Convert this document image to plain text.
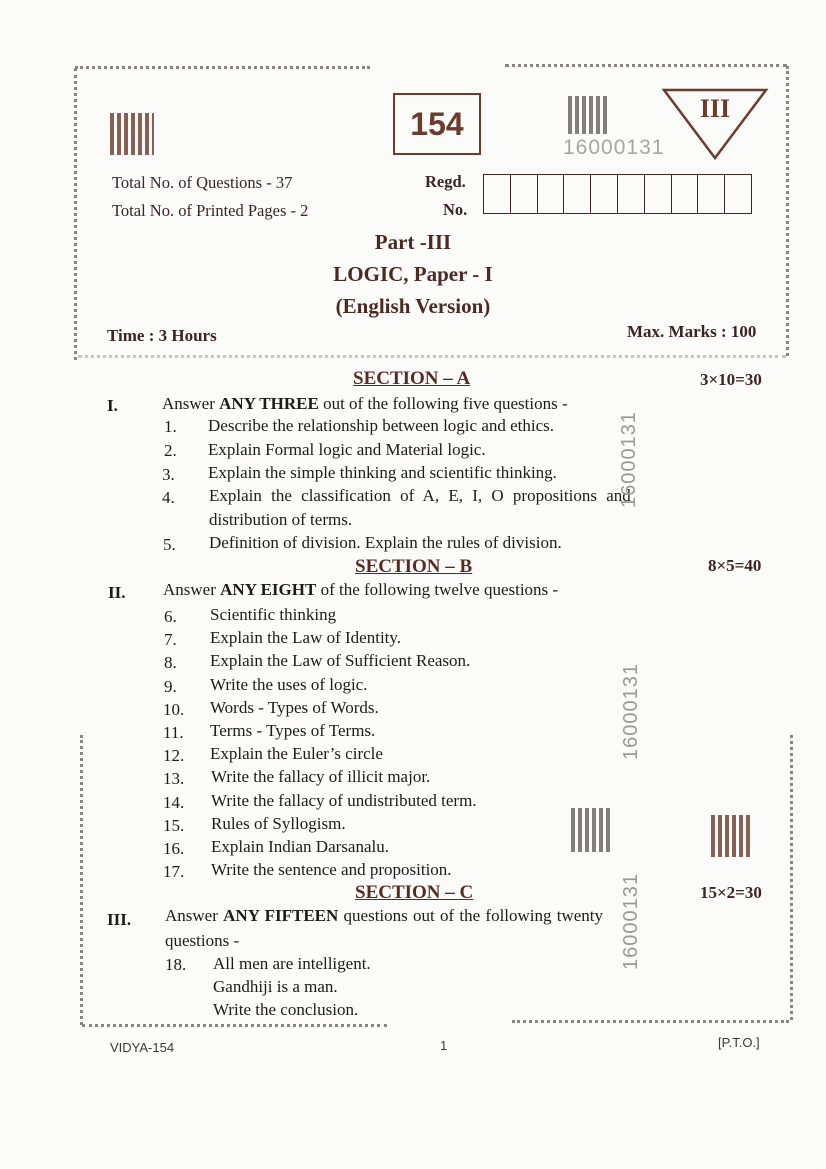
154
16000131
III
Total No. of Questions - 37
Total No. of Printed Pages - 2
Regd.
No.
Part -III
LOGIC, Paper - I
(English Version)
Time : 3 Hours	Max. Marks : 100
SECTION – A	3×10=30
I.	Answer ANY THREE out of the following five questions -
1. Describe the relationship between logic and ethics.
2. Explain Formal logic and Material logic.
3. Explain the simple thinking and scientific thinking.
4. Explain the classification of A, E, I, O propositions and
distribution of terms.
5. Definition of division. Explain the rules of division.
SECTION – B	8×5=40
II. Answer ANY EIGHT of the following twelve questions -
6. Scientific thinking
7. Explain the Law of Identity.
8. Explain the Law of Sufficient Reason.
9. Write the uses of logic.
10. Words - Types of Words.
11. Terms - Types of Terms.
12. Explain the Euler’s circle
13. Write the fallacy of illicit major.
14. Write the fallacy of undistributed term.
15. Rules of Syllogism.
16. Explain Indian Darsanalu.
17. Write the sentence and proposition.
SECTION – C	15×2=30
III. Answer ANY FIFTEEN questions out of the following twenty
questions -
18. All men are intelligent.
Gandhiji is a man.
Write the conclusion.
16000131
16000131
16000131
VIDYA-154	1	[P.T.O.]
